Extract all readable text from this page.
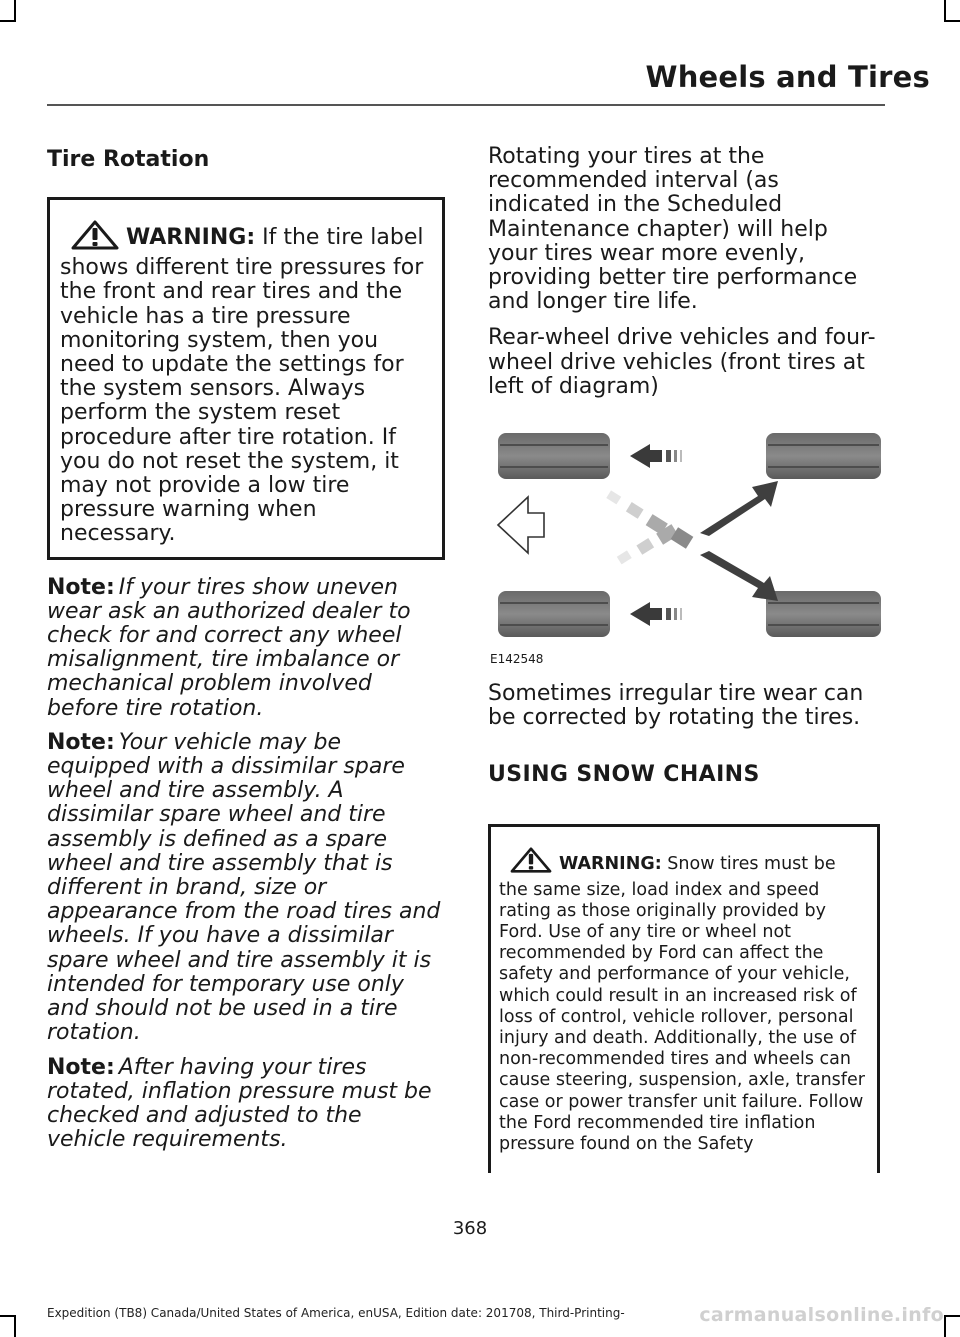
Wheels and Tires
Tire Rotation
WARNING: If the tire label shows different tire pressures for the front and rear tires and the vehicle has a tire pressure monitoring system, then you need to update the settings for the system sensors. Always perform the system reset procedure after tire rotation. If you do not reset the system, it may not provide a low tire pressure warning when necessary.

Note: If your tires show uneven wear ask an authorized dealer to check for and correct any wheel misalignment, tire imbalance or mechanical problem involved before tire rotation.

Note: Your vehicle may be equipped with a dissimilar spare wheel and tire assembly. A dissimilar spare wheel and tire assembly is defined as a spare wheel and tire assembly that is different in brand, size or appearance from the road tires and wheels. If you have a dissimilar spare wheel and tire assembly it is intended for temporary use only and should not be used in a tire rotation.

Note: After having your tires rotated, inflation pressure must be checked and adjusted to the vehicle requirements.

Rotating your tires at the recommended interval (as indicated in the Scheduled Maintenance chapter) will help your tires wear more evenly, providing better tire performance and longer tire life.

Rear-wheel drive vehicles and four-wheel drive vehicles (front tires at left of diagram)

E142548

Sometimes irregular tire wear can be corrected by rotating the tires.

USING SNOW CHAINS
WARNING: Snow tires must be the same size, load index and speed rating as those originally provided by Ford. Use of any tire or wheel not recommended by Ford can affect the safety and performance of your vehicle, which could result in an increased risk of loss of control, vehicle rollover, personal injury and death. Additionally, the use of non-recommended tires and wheels can cause steering, suspension, axle, transfer case or power transfer unit failure. Follow the Ford recommended tire inflation pressure found on the Safety
368
Expedition (TB8) Canada/United States of America, enUSA, Edition date: 201708, Third-Printing-	carmanualsonline.info
